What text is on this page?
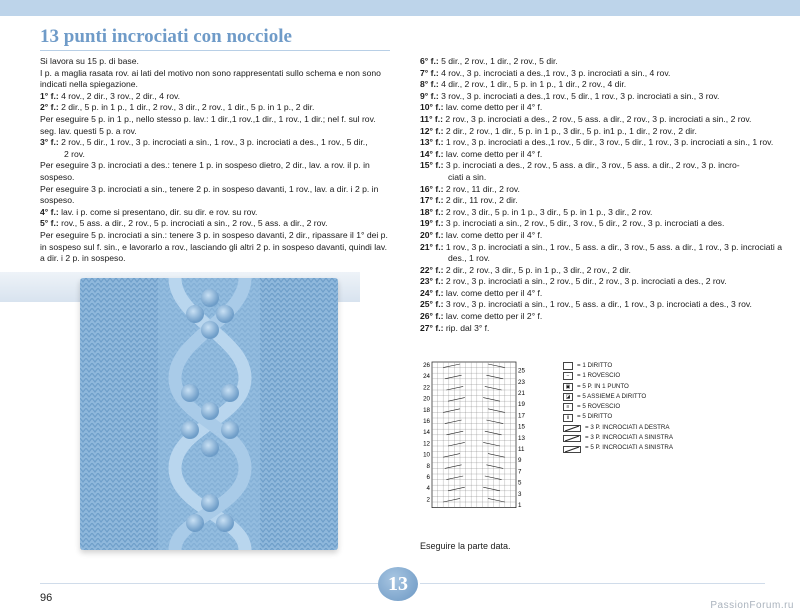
13 punti incrociati con nocciole

Si lavora su 15 p. di base.

I p. a maglia rasata rov. ai lati del motivo non sono rappresentati sullo schema e non sono indicati nella spiegazione.

1° f.: 4 rov., 2 dir., 3 rov., 2 dir., 4 rov.

2° f.: 2 dir., 5 p. in 1 p., 1 dir., 2 rov., 3 dir., 2 rov., 1 dir., 5 p. in 1 p., 2 dir.

Per eseguire 5 p. in 1 p., nello stesso p. lav.: 1 dir.,1 rov.,1 dir., 1 rov., 1 dir.; nel f. sul rov. seg. lav. questi 5 p. a rov.

3° f.: 2 rov., 5 dir., 1 rov., 3 p. incrociati a sin., 1 rov., 3 p. incrociati a des., 1 rov., 5 dir.,
2 rov.

Per eseguire 3 p. incrociati a des.: tenere 1 p. in sospeso dietro, 2 dir., lav. a rov. il p. in sospeso.

Per eseguire 3 p. incrociati a sin., tenere 2 p. in sospeso davanti, 1 rov., lav. a dir. i 2 p. in sospeso.

4° f.: lav. i p. come si presentano, dir. su dir. e rov. su rov.

5° f.: rov., 5 ass. a dir., 2 rov., 5 p. incrociati a sin., 2 rov., 5 ass. a dir., 2 rov.

Per eseguire 5 p. incrociati a sin.: tenere 3 p. in sospeso davanti, 2 dir., ripassare il 1° dei p. in sospeso sul f. sin., e lavorarlo a rov., lasciando gli altri 2 p. in sospeso davanti, quindi lav. a dir. i 2 p. in sospeso.

6° f.: 5 dir., 2 rov., 1 dir., 2 rov., 5 dir.

7° f.: 4 rov., 3 p. incrociati a des.,1 rov., 3 p. incrociati a sin., 4 rov.

8° f.: 4 dir., 2 rov., 1 dir., 5 p. in 1 p., 1 dir., 2 rov., 4 dir.

9° f.: 3 rov., 3 p. incrociati a des.,1 rov., 5 dir., 1 rov., 3 p. incrociati a sin., 3 rov.

10° f.: lav. come detto per il 4° f.

11° f.: 2 rov., 3 p. incrociati a des., 2 rov., 5 ass. a dir., 2 rov., 3 p. incrociati a sin., 2 rov.

12° f.: 2 dir., 2 rov., 1 dir., 5 p. in 1 p., 3 dir., 5 p. in1 p., 1 dir., 2 rov., 2 dir.

13° f.: 1 rov., 3 p. incrociati a des.,1 rov., 5 dir., 3 rov., 5 dir., 1 rov., 3 p. incrociati a sin., 1 rov.

14° f.: lav. come detto per il 4° f.

15° f.: 3 p. incrociati a des., 2 rov., 5 ass. a dir., 3 rov., 5 ass. a dir., 2 rov., 3 p. incro-
ciati a sin.

16° f.: 2 rov., 11 dir., 2 rov.

17° f.: 2 dir., 11 rov., 2 dir.

18° f.: 2 rov., 3 dir., 5 p. in 1 p., 3 dir., 5 p. in 1 p., 3 dir., 2 rov.

19° f.: 3 p. incrociati a sin., 2 rov., 5 dir., 3 rov., 5 dir., 2 rov., 3 p. incrociati a des.

20° f.: lav. come detto per il 4° f.

21° f.: 1 rov., 3 p. incrociati a sin., 1 rov., 5 ass. a dir., 3 rov., 5 ass. a dir., 1 rov., 3 p. incrociati a
des., 1 rov.

22° f.: 2 dir., 2 rov., 3 dir., 5 p. in 1 p., 3 dir., 2 rov., 2 dir.

23° f.: 2 rov., 3 p. incrociati a sin., 2 rov., 5 dir., 2 rov., 3 p. incrociati a des., 2 rov.

24° f.: lav. come detto per il 4° f.

25° f.: 3 rov., 3 p. incrociati a sin., 1 rov., 5 ass. a dir., 1 rov., 3 p. incrociati a des., 3 rov.

26° f.: lav. come detto per il 2° f.

27° f.: rip. dal 3° f.

26
24
22
20
18
16
14
12
10
8
6
4
2
25
23
21
19
17
15
13
11
9
7
5
3
1
= 1 DIRITTO
−	= 1 ROVESCIO
▣	= 5 P. IN 1 PUNTO
◪	= 5 ASSIEME A DIRITTO
≡	= 5 ROVESCIO
Ⅱ	= 5 DIRITTO
= 3 P. INCROCIATI A DESTRA
= 3 P. INCROCIATI A SINISTRA
= 5 P. INCROCIATI A SINISTRA
Eseguire la parte data.
13
96
PassionForum.ru
